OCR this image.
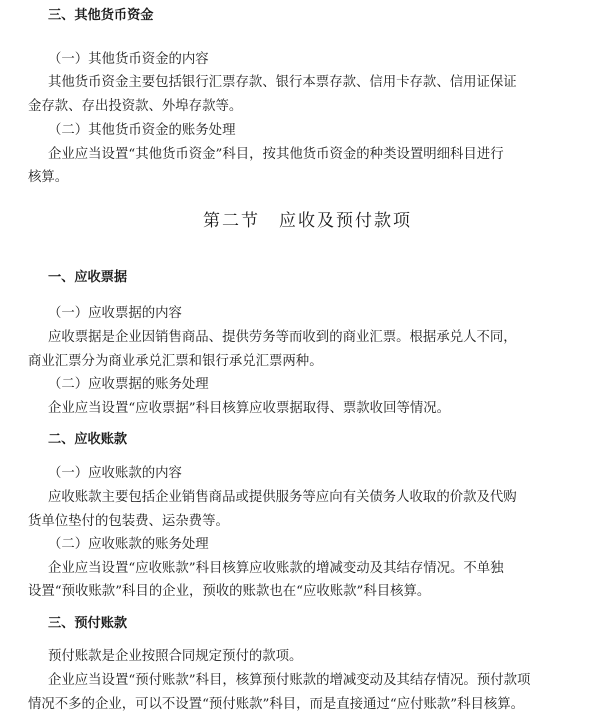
三、其他货币资金
（一）其他货币资金的内容
其他货币资金主要包括银行汇票存款、银行本票存款、信用卡存款、信用证保证
金存款、存出投资款、外埠存款等。
（二）其他货币资金的账务处理
企业应当设置“其他货币资金”科目，按其他货币资金的种类设置明细科目进行
核算。
第二节　应收及预付款项
一、应收票据
（一）应收票据的内容
应收票据是企业因销售商品、提供劳务等而收到的商业汇票。根据承兑人不同，
商业汇票分为商业承兑汇票和银行承兑汇票两种。
（二）应收票据的账务处理
企业应当设置“应收票据”科目核算应收票据取得、票款收回等情况。
二、应收账款
（一）应收账款的内容
应收账款主要包括企业销售商品或提供服务等应向有关债务人收取的价款及代购
货单位垫付的包装费、运杂费等。
（二）应收账款的账务处理
企业应当设置“应收账款”科目核算应收账款的增减变动及其结存情况。不单独
设置“预收账款”科目的企业，预收的账款也在“应收账款”科目核算。
三、预付账款
预付账款是企业按照合同规定预付的款项。
企业应当设置“预付账款”科目，核算预付账款的增减变动及其结存情况。预付款项
情况不多的企业，可以不设置“预付账款”科目，而是直接通过“应付账款”科目核算。
